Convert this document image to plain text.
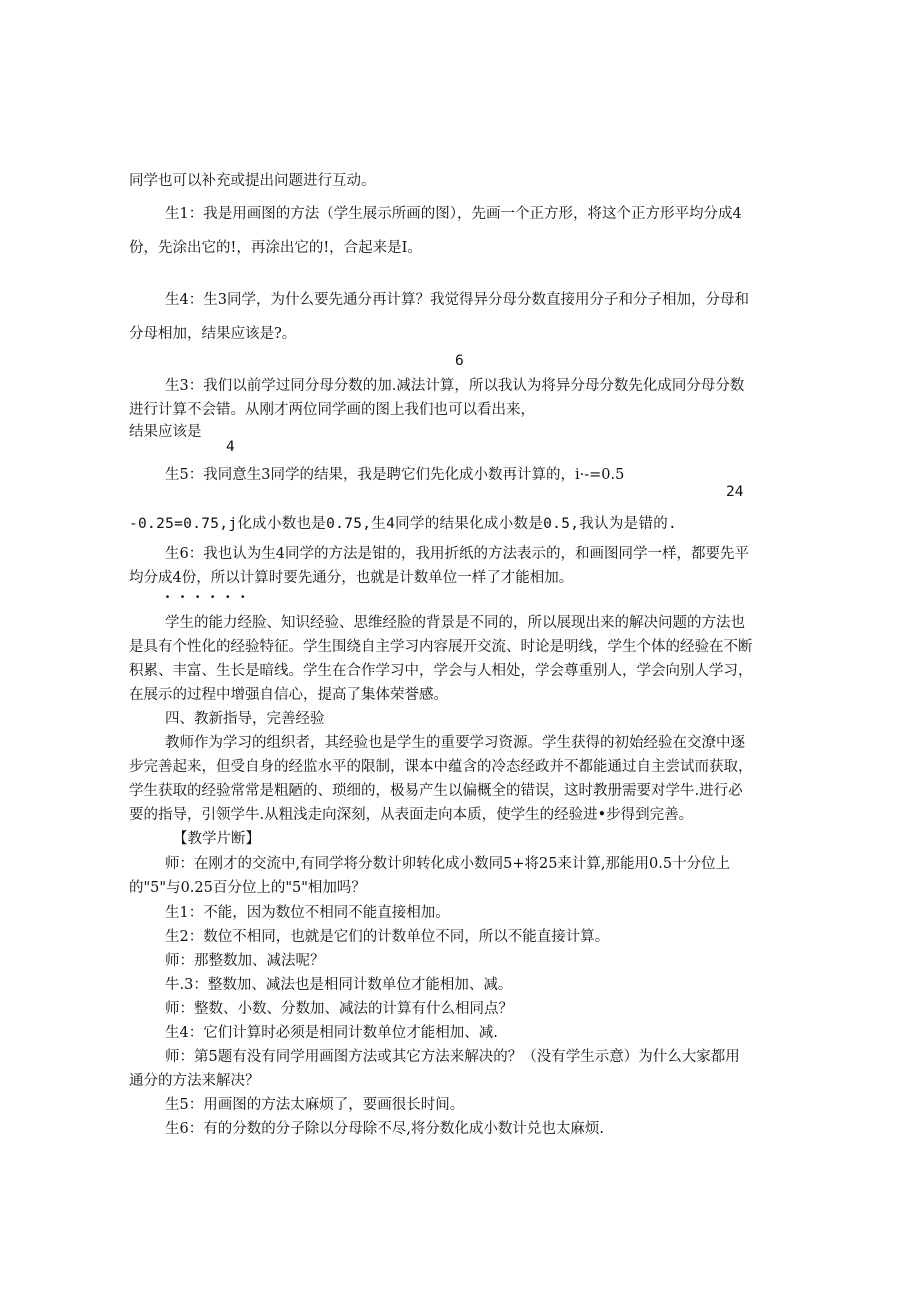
同学也可以补充或提出问题进行互动。

生1：我是用画图的方法（学生展示所画的图），先画一个正方形，将这个正方形平均分成4

份，先涂出它的!，再涂出它的!，合起来是I。

生4：生3同学，为什么要先通分再计算？我觉得异分母分数直接用分子和分子相加，分母和

分母相加，结果应该是?。

6

生3：我们以前学过同分母分数的加.减法计算，所以我认为将异分母分数先化成同分母分数

进行计算不会错。从刚才两位同学画的图上我们也可以看出来，

结果应该是

4

生5：我同意生3同学的结果，我是聘它们先化成小数再计算的，i·-=0.5

24

-0.25=0.75,j化成小数也是0.75,生4同学的结果化成小数是0.5,我认为是错的.

生6：我也认为生4同学的方法是钳的，我用折纸的方法表示的，和画图同学一样，都要先平

均分成4份，所以计算时要先通分，也就是计数单位一样了才能相加。

······

学生的能力经脸、知识经验、思维经脸的背景是不同的，所以展现出来的解决问题的方法也

是具有个性化的经验特征。学生围绕自主学习内容展开交流、时论是明线，学生个体的经验在不断

积累、丰富、生长是暗线。学生在合作学习中，学会与人相处，学会尊重别人，学会向别人学习，

在展示的过程中增强自信心，提高了集体荣誉感。

四、教新指导，完善经验

教师作为学习的组织者，其经验也是学生的重要学习资源。学生获得的初始经验在交潦中逐

步完善起来，但受自身的经监水平的限制，课本中蕴含的冷态经政并不都能通过自主尝试而获取，

学生获取的经验常常是粗陋的、琐细的，极易产生以偏概全的错误，这时教册需要对学牛.进行必

要的指导，引领学牛.从粗浅走向深刻，从表面走向本质，使学生的经验进•步得到完善。

【教学片断】

师：在刚才的交流中,有同学将分数计卯转化成小数同5+将25来计算,那能用0.5十分位上

的"5"与0.25百分位上的"5"相加吗？

生1：不能，因为数位不相同不能直接相加。

生2：数位不相同，也就是它们的计数单位不同，所以不能直接计算。

师：那整数加、减法呢？

牛.3：整数加、减法也是相同计数单位才能相加、减。

师：整数、小数、分数加、减法的计算有什么相同点？

生4：它们计算时必须是相同计数单位才能相加、减.

师：第5题有没有同学用画图方法或其它方法来解决的？（没有学生示意）为什么大家都用

通分的方法来解决？

生5：用画图的方法太麻烦了，要画很长时间。

生6：有的分数的分子除以分母除不尽,将分数化成小数计兑也太麻烦.
